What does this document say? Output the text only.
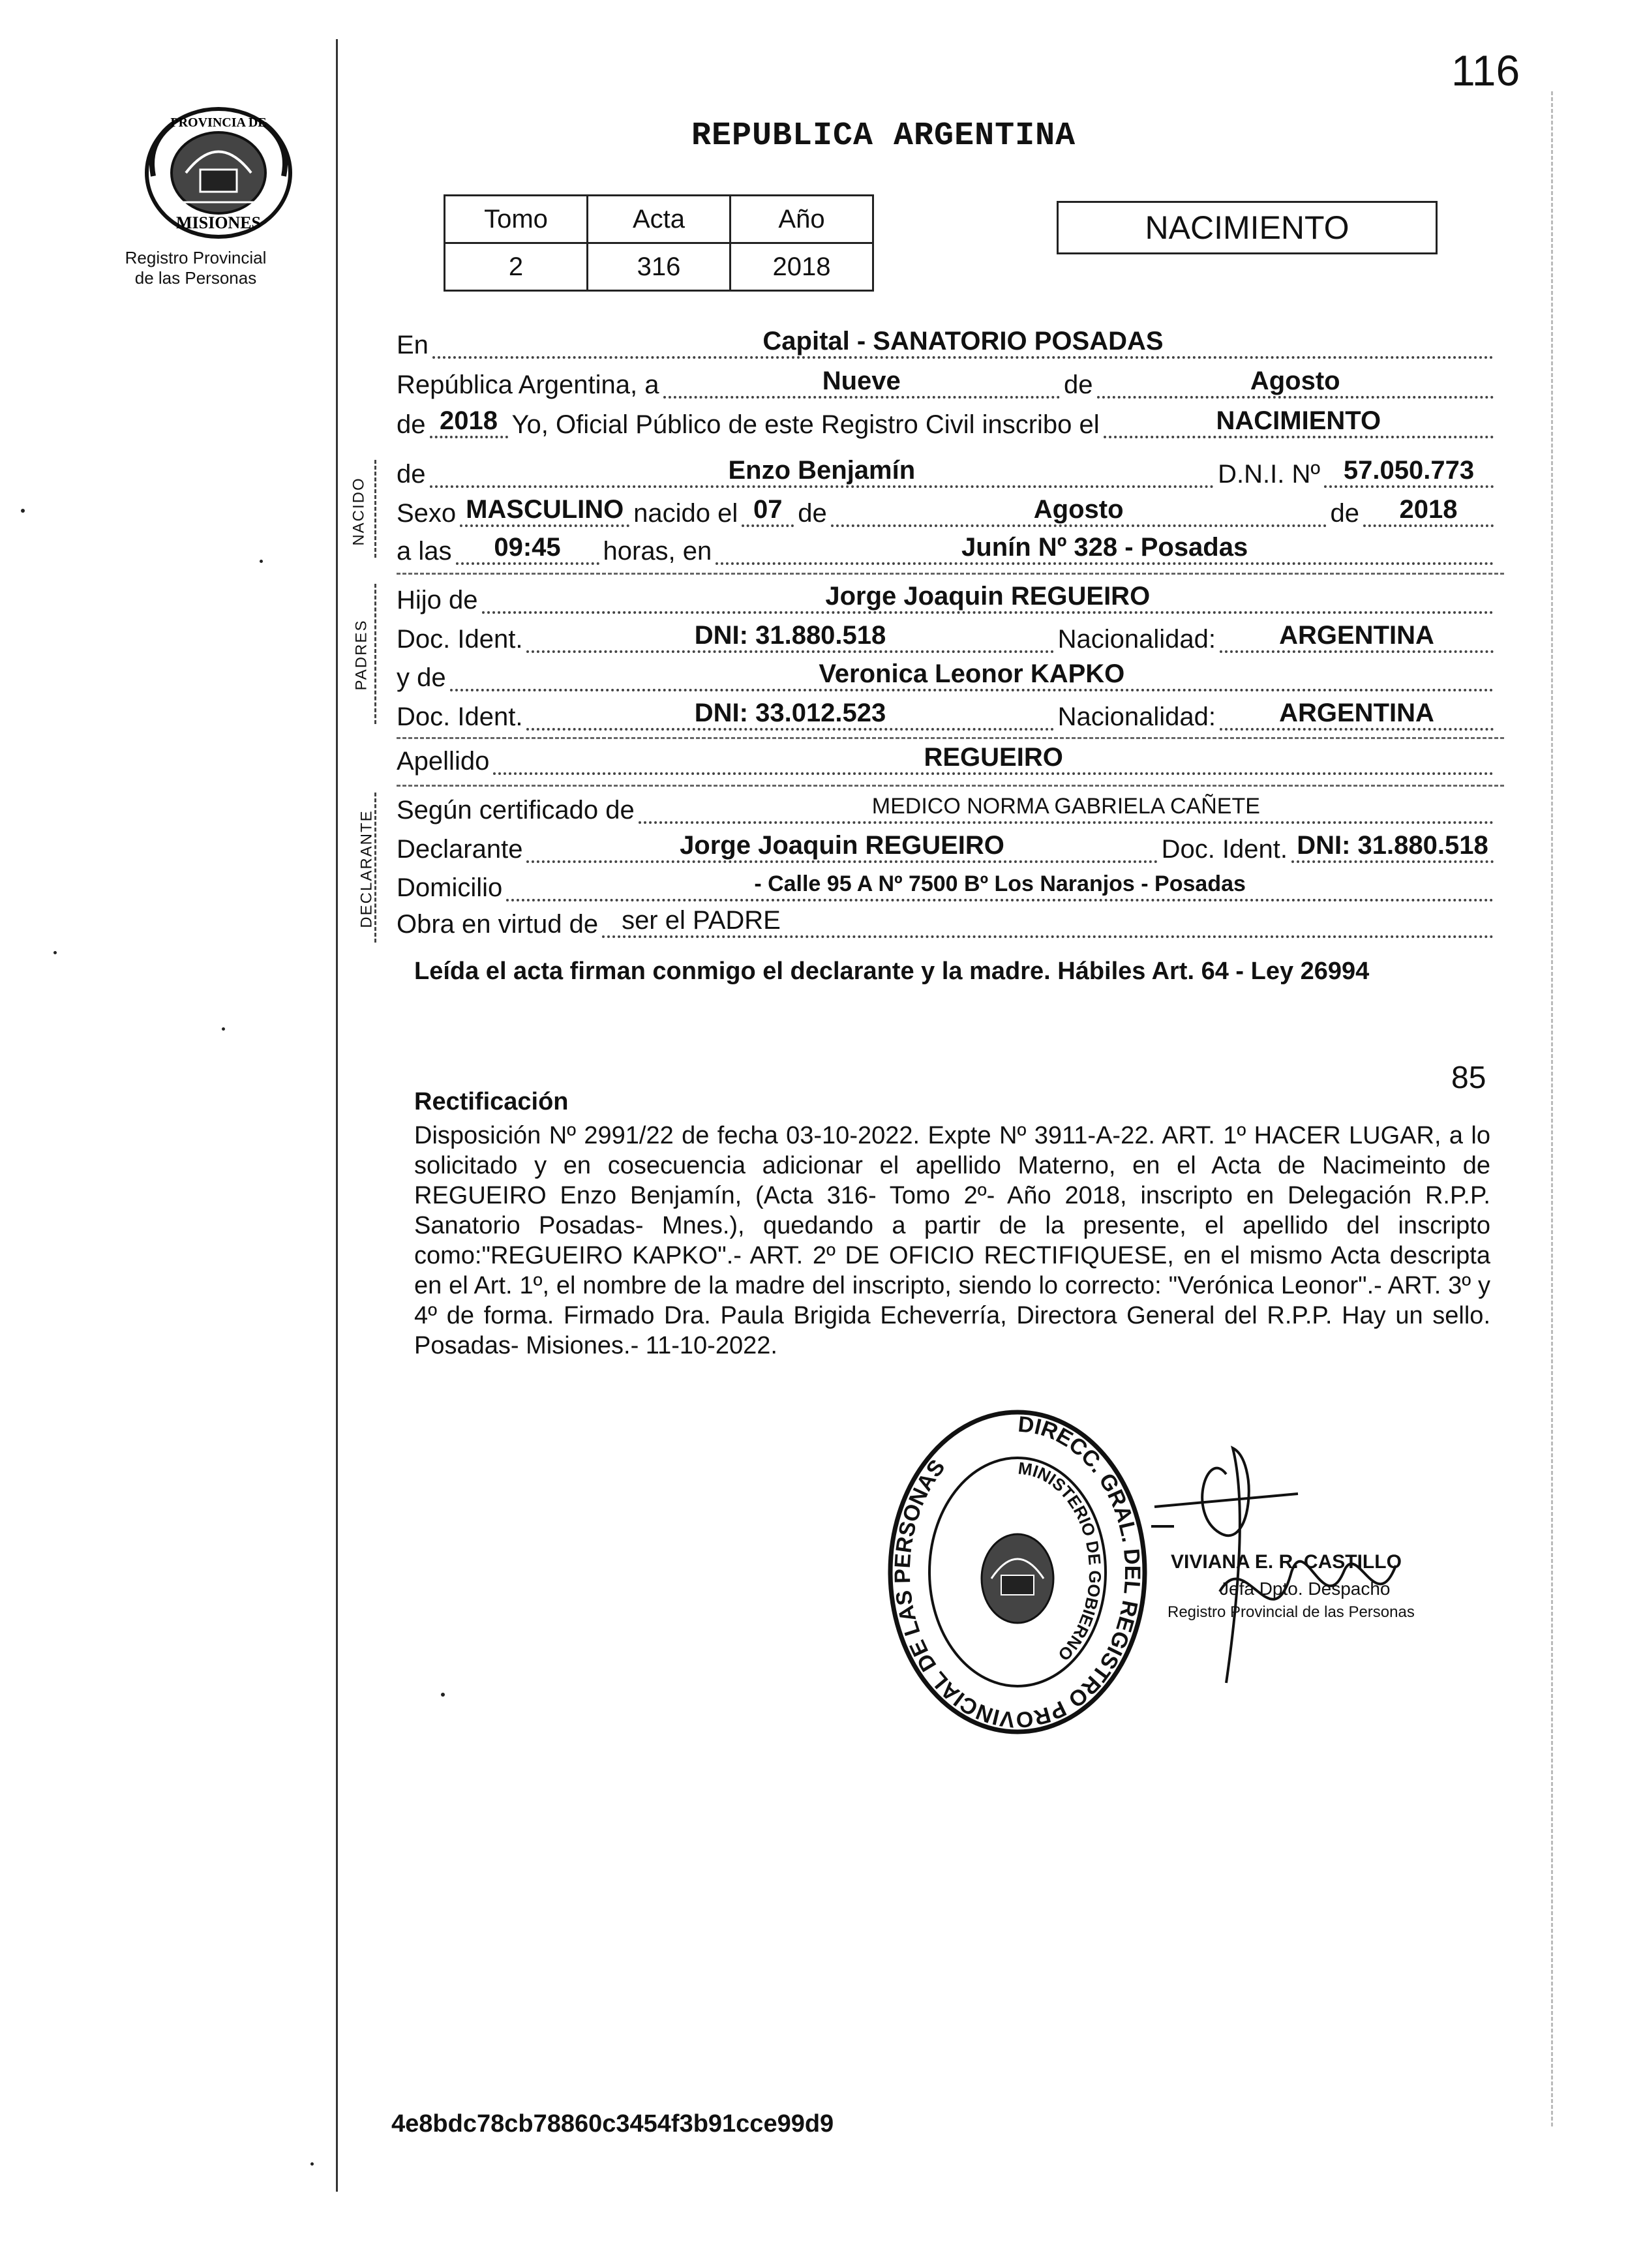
116
PROVINCIA DE
MISIONES
Registro Provincial
de las Personas
REPUBLICA ARGENTINA
Tomo	Acta	Año
2	316	2018
NACIMIENTO
En	Capital - SANATORIO POSADAS
República Argentina, a	Nueve	de	Agosto
de 2018 Yo, Oficial Público de este Registro Civil inscribo el	NACIMIENTO
NACIDO
de	Enzo Benjamín	D.N.I. Nº 57.050.773
Sexo MASCULINO nacido el 07 de	Agosto	de	2018
a las	09:45	horas, en	Junín Nº 328 - Posadas
PADRES
Hijo de	Jorge Joaquin REGUEIRO
Doc. Ident.	DNI: 31.880.518	Nacionalidad:	ARGENTINA
y de	Veronica Leonor KAPKO
Doc. Ident.	DNI: 33.012.523	Nacionalidad:	ARGENTINA
Apellido	REGUEIRO
DECLARANTE Según certificado de	MEDICO NORMA GABRIELA CAÑETE
Declarante	Jorge Joaquin REGUEIRO	Doc. Ident. DNI: 31.880.518
Domicilio	- Calle 95 A Nº 7500 Bº Los Naranjos - Posadas
Obra en virtud de ser el PADRE
Leída el acta firman conmigo el declarante y la madre. Hábiles Art. 64 - Ley 26994
85
Rectificación
Disposición Nº 2991/22 de fecha 03-10-2022. Expte Nº 3911-A-22. ART. 1º HACER LUGAR, a lo solicitado y en cosecuencia adicionar el apellido Materno, en el Acta de Nacimeinto de REGUEIRO Enzo Benjamín, (Acta 316- Tomo 2º- Año 2018, inscripto en Delegación R.P.P. Sanatorio Posadas- Mnes.), quedando a partir de la presente, el apellido del inscripto como:"REGUEIRO KAPKO".- ART. 2º DE OFICIO RECTIFIQUESE, en el mismo Acta descripta en el Art. 1º, el nombre de la madre del inscripto, siendo lo correcto: "Verónica Leonor".- ART. 3º y 4º de forma. Firmado Dra. Paula Brigida Echeverría, Directora General del R.P.P. Hay un sello. Posadas- Misiones.- 11-10-2022.
DIRECC. GRAL. DEL REGISTRO PROVINCIAL DE LAS PERSONAS	MINISTERIO DE GOBIERNO
VIVIANA E. R. CASTILLO
Jefa Dpto. Despacho
Registro Provincial de las Personas
4e8bdc78cb78860c3454f3b91cce99d9
